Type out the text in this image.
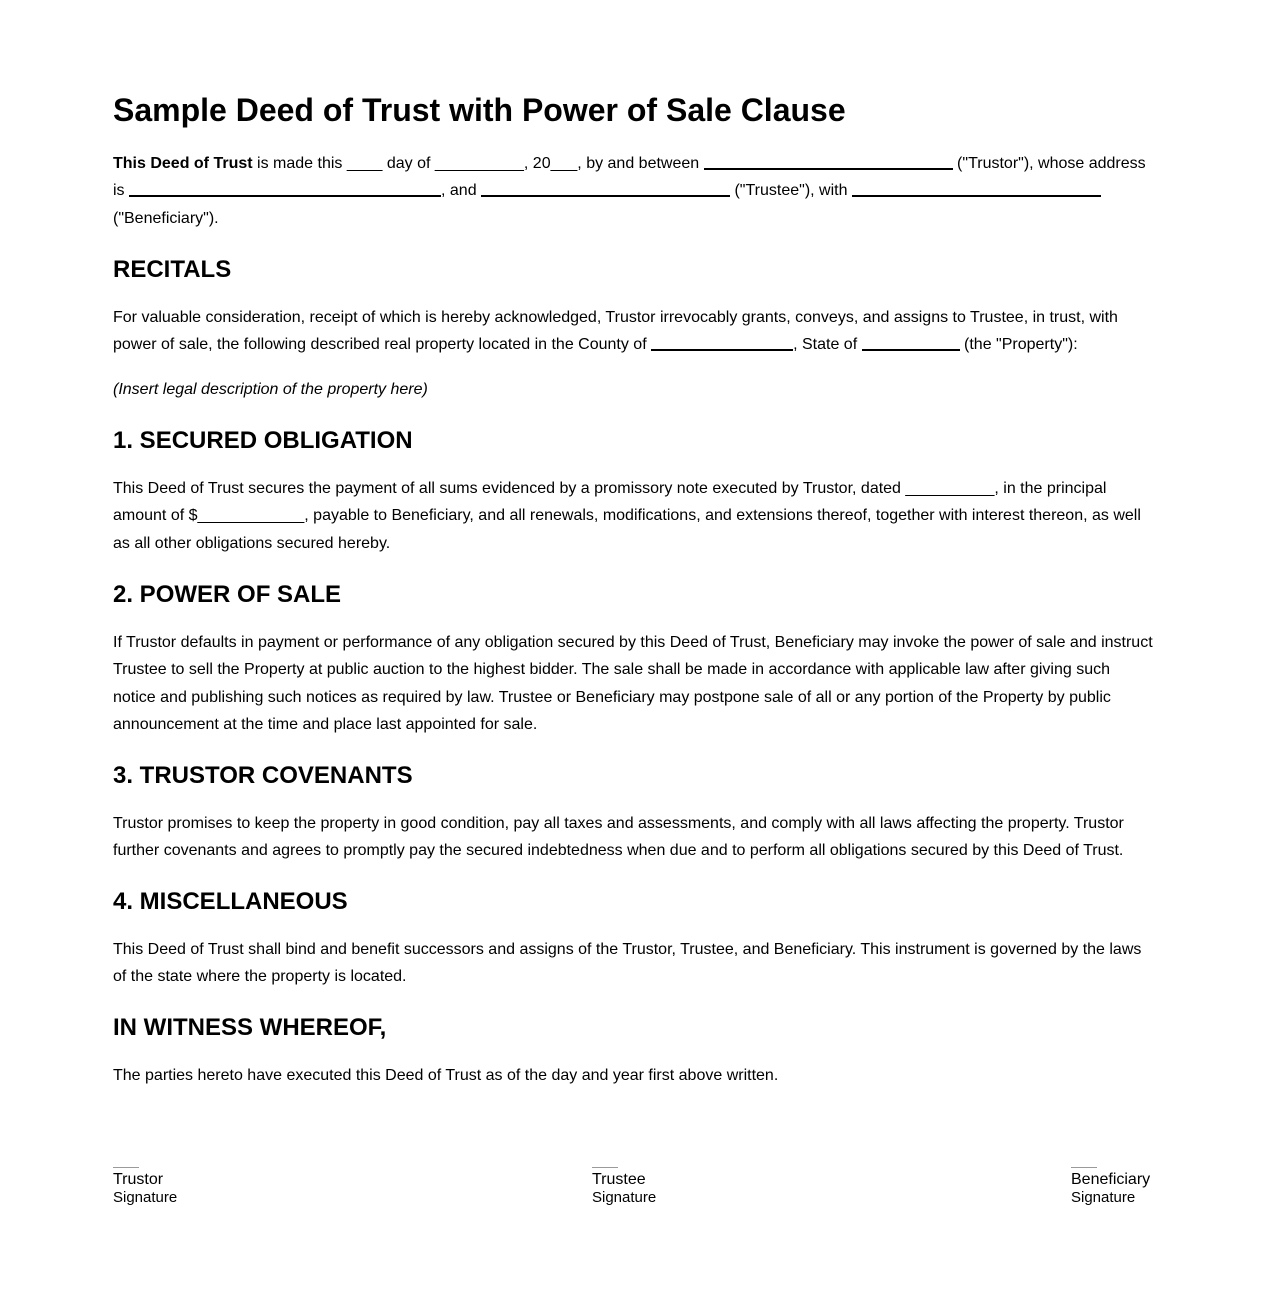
Sample Deed of Trust with Power of Sale Clause

This Deed of Trust is made this ____ day of __________, 20___, by and between	("Trustor"), whose address is	, and	("Trustee"), with  ("Beneficiary").

RECITALS

For valuable consideration, receipt of which is hereby acknowledged, Trustor irrevocably grants, conveys, and assigns to Trustee, in trust, with power of sale, the following described real property located in the County of	, State of	(the "Property"):

(Insert legal description of the property here)

1. SECURED OBLIGATION

This Deed of Trust secures the payment of all sums evidenced by a promissory note executed by Trustor, dated __________, in the principal amount of $____________, payable to Beneficiary, and all renewals, modifications, and extensions thereof, together with interest thereon, as well as all other obligations secured hereby.

2. POWER OF SALE

If Trustor defaults in payment or performance of any obligation secured by this Deed of Trust, Beneficiary may invoke the power of sale and instruct Trustee to sell the Property at public auction to the highest bidder. The sale shall be made in accordance with applicable law after giving such notice and publishing such notices as required by law. Trustee or Beneficiary may postpone sale of all or any portion of the Property by public announcement at the time and place last appointed for sale.

3. TRUSTOR COVENANTS

Trustor promises to keep the property in good condition, pay all taxes and assessments, and comply with all laws affecting the property. Trustor further covenants and agrees to promptly pay the secured indebtedness when due and to perform all obligations secured by this Deed of Trust.

4. MISCELLANEOUS

This Deed of Trust shall bind and benefit successors and assigns of the Trustor, Trustee, and Beneficiary. This instrument is governed by the laws of the state where the property is located.

IN WITNESS WHEREOF,

The parties hereto have executed this Deed of Trust as of the day and year first above written.

Trustor
Signature
Trustee
Signature
Beneficiary
Signature
